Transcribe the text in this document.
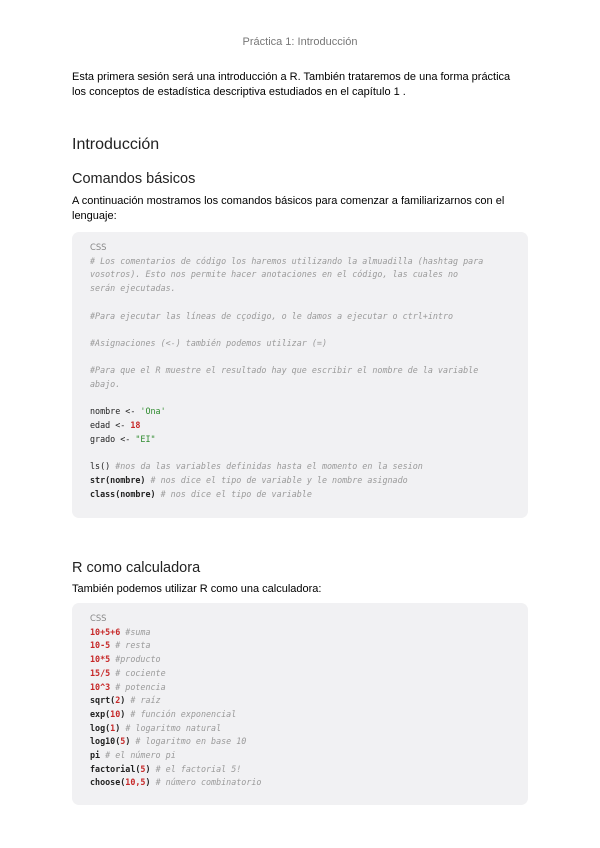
Práctica 1: Introducción

Esta primera sesión será una introducción a R. También trataremos de una forma práctica
los conceptos de estadística descriptiva estudiados en el capítulo 1 .

Introducción
Comandos básicos

A continuación mostramos los comandos básicos para comenzar a familiarizarnos con el
lenguaje:

CSS
# Los comentarios de código los haremos utilizando la almuadilla (hashtag para
vosotros). Esto nos permite hacer anotaciones en el código, las cuales no
serán ejecutadas.
#Para ejecutar las líneas de cçodigo, o le damos a ejecutar o ctrl+intro
#Asignaciones (<-) también podemos utilizar (=)
#Para que el R muestre el resultado hay que escribir el nombre de la variable
abajo.
nombre <- 'Ona'
edad <- 18
grado <- "EI"
ls() #nos da las variables definidas hasta el momento en la sesion
str(nombre) # nos dice el tipo de variable y le nombre asignado
class(nombre) # nos dice el tipo de variable
R como calculadora

También podemos utilizar R como una calculadora:

CSS
10+5+6 #suma
10-5 # resta
10*5 #producto
15/5 # cociente
10^3 # potencia
sqrt(2) # raíz
exp(10) # función exponencial
log(1) # logaritmo natural
log10(5) # logaritmo en base 10
pi # el número pi
factorial(5) # el factorial 5!
choose(10,5) # número combinatorio
